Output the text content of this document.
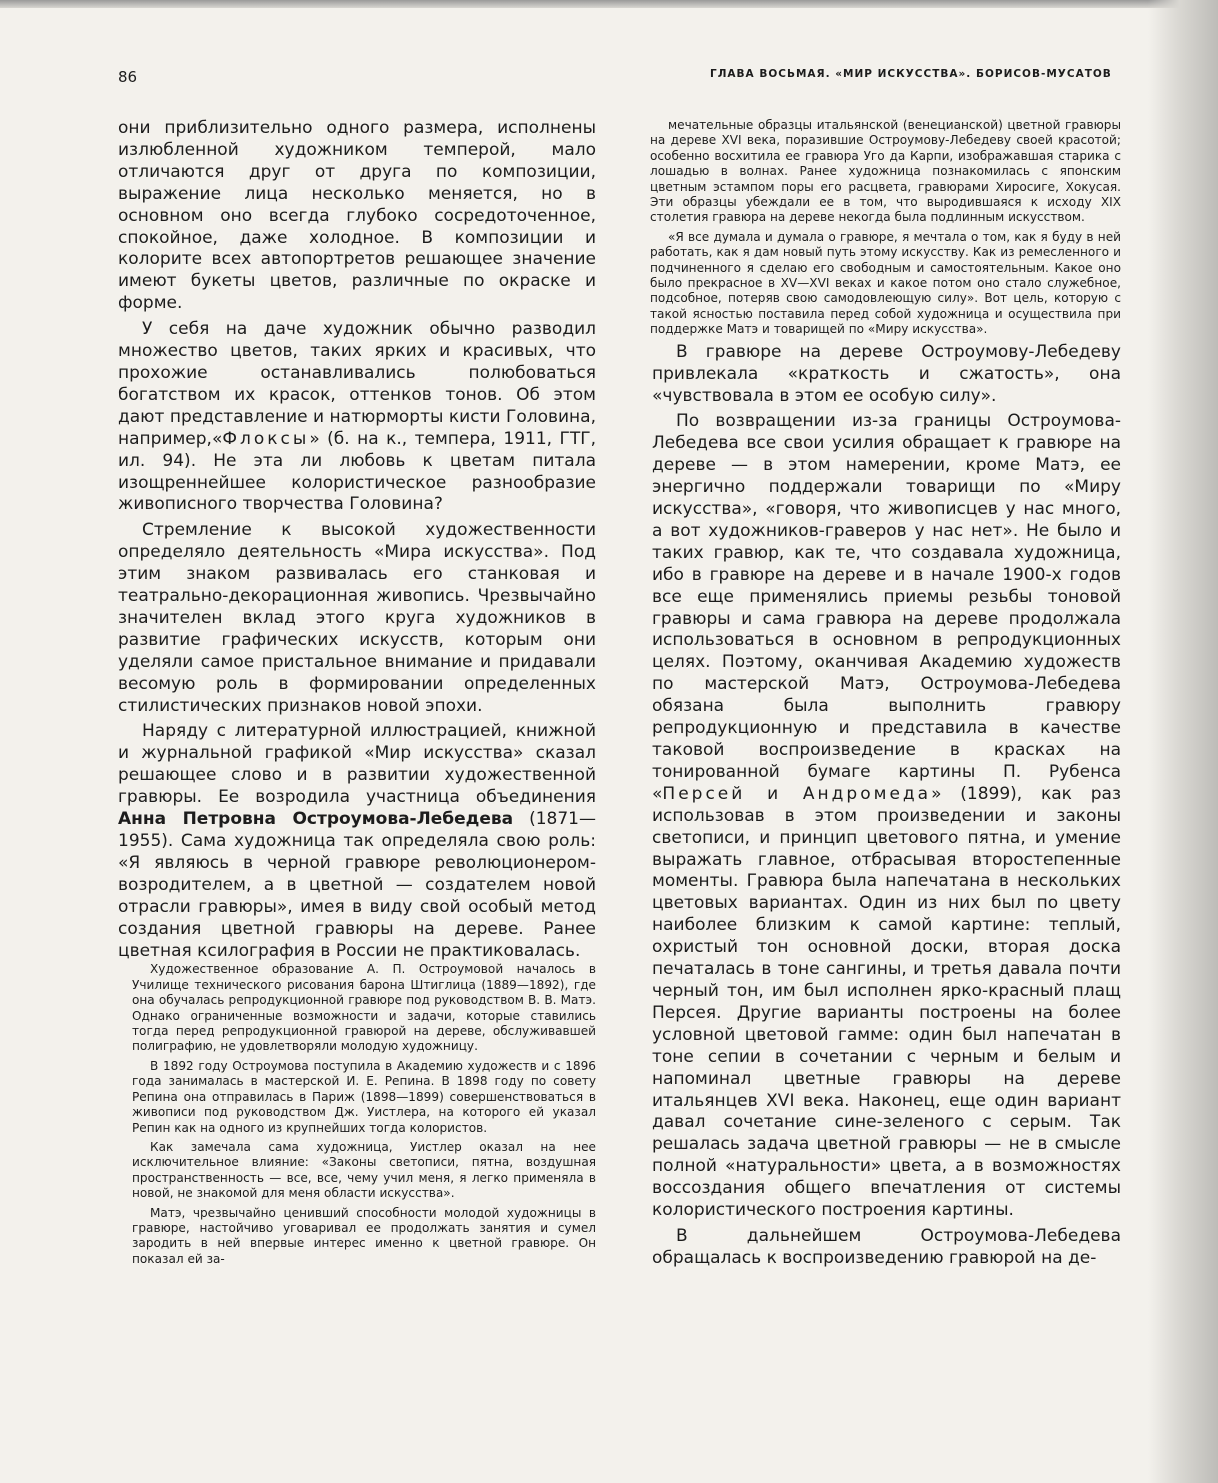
86	ГЛАВА ВОСЬМАЯ. «МИР ИСКУССТВА». БОРИСОВ-МУСАТОВ

они приблизительно одного размера, исполнены излюбленной художником темперой, мало отличаются друг от друга по композиции, выражение лица несколько меняется, но в основном оно всегда глубоко сосредоточенное, спокойное, даже холодное. В композиции и колорите всех автопортретов решающее значение имеют букеты цветов, различные по окраске и форме.

У себя на даче художник обычно разводил множество цветов, таких ярких и красивых, что прохожие останавливались полюбоваться богатством их красок, оттенков тонов. Об этом дают представление и натюрморты кисти Головина, например,«Флоксы» (б. на к., темпера, 1911, ГТГ, ил. 94). Не эта ли любовь к цветам питала изощреннейшее колористическое разнообразие живописного творчества Головина?

Стремление к высокой художественности определяло деятельность «Мира искусства». Под этим знаком развивалась его станковая и театрально-декорационная живопись. Чрезвычайно значителен вклад этого круга художников в развитие графических искусств, которым они уделяли самое пристальное внимание и придавали весомую роль в формировании определенных стилистических признаков новой эпохи.

Наряду с литературной иллюстрацией, книжной и журнальной графикой «Мир искусства» сказал решающее слово и в развитии художественной гравюры. Ее возродила участница объединения Анна Петровна Остроумова-Лебедева (1871—1955). Сама художница так определяла свою роль: «Я являюсь в черной гравюре революционером-возродителем, а в цветной — создателем новой отрасли гравюры», имея в виду свой особый метод создания цветной гравюры на дереве. Ранее цветная ксилография в России не практиковалась.

Художественное образование А. П. Остроумовой началось в Училище технического рисования барона Штиглица (1889—1892), где она обучалась репродукционной гравюре под руководством В. В. Матэ. Однако ограниченные возможности и задачи, которые ставились тогда перед репродукционной гравюрой на дереве, обслуживавшей полиграфию, не удовлетворяли молодую художницу.

В 1892 году Остроумова поступила в Академию художеств и с 1896 года занималась в мастерской И. Е. Репина. В 1898 году по совету Репина она отправилась в Париж (1898—1899) совершенствоваться в живописи под руководством Дж. Уистлера, на которого ей указал Репин как на одного из крупнейших тогда колористов.

Как замечала сама художница, Уистлер оказал на нее исключительное влияние: «Законы светописи, пятна, воздушная пространственность — все, все, чему учил меня, я легко применяла в новой, не знакомой для меня области искусства».

Матэ, чрезвычайно ценивший способности молодой художницы в гравюре, настойчиво уговаривал ее продолжать занятия и сумел зародить в ней впервые интерес именно к цветной гравюре. Он показал ей за-

мечательные образцы итальянской (венецианской) цветной гравюры на дереве XVI века, поразившие Остроумову-Лебедеву своей красотой; особенно восхитила ее гравюра Уго да Карпи, изображавшая старика с лошадью в волнах. Ранее художница познакомилась с японским цветным эстампом поры его расцвета, гравюрами Хиросиге, Хокусая. Эти образцы убеждали ее в том, что выродившаяся к исходу XIX столетия гравюра на дереве некогда была подлинным искусством.

«Я все думала и думала о гравюре, я мечтала о том, как я буду в ней работать, как я дам новый путь этому искусству. Как из ремесленного и подчиненного я сделаю его свободным и самостоятельным. Какое оно было прекрасное в XV—XVI веках и какое потом оно стало служебное, подсобное, потеряв свою самодовлеющую силу». Вот цель, которую с такой ясностью поставила перед собой художница и осуществила при поддержке Матэ и товарищей по «Миру искусства».

В гравюре на дереве Остроумову-Лебедеву привлекала «краткость и сжатость», она «чувствовала в этом ее особую силу».

По возвращении из-за границы Остроумова-Лебедева все свои усилия обращает к гравюре на дереве — в этом намерении, кроме Матэ, ее энергично поддержали товарищи по «Миру искусства», «говоря, что живописцев у нас много, а вот художников-граверов у нас нет». Не было и таких гравюр, как те, что создавала художница, ибо в гравюре на дереве и в начале 1900-х годов все еще применялись приемы резьбы тоновой гравюры и сама гравюра на дереве продолжала использоваться в основном в репродукционных целях. Поэтому, оканчивая Академию художеств по мастерской Матэ, Остроумова-Лебедева обязана была выполнить гравюру репродукционную и представила в качестве таковой воспроизведение в красках на тонированной бумаге картины П. Рубенса «Персей и Андромеда» (1899), как раз использовав в этом произведении и законы светописи, и принцип цветового пятна, и умение выражать главное, отбрасывая второстепенные моменты. Гравюра была напечатана в нескольких цветовых вариантах. Один из них был по цвету наиболее близким к самой картине: теплый, охристый тон основной доски, вторая доска печаталась в тоне сангины, и третья давала почти черный тон, им был исполнен ярко-красный плащ Персея. Другие варианты построены на более условной цветовой гамме: один был напечатан в тоне сепии в сочетании с черным и белым и напоминал цветные гравюры на дереве итальянцев XVI века. Наконец, еще один вариант давал сочетание сине-зеленого с серым. Так решалась задача цветной гравюры — не в смысле полной «натуральности» цвета, а в возможностях воссоздания общего впечатления от системы колористического построения картины.

В дальнейшем Остроумова-Лебедева обращалась к воспроизведению гравюрой на де-
